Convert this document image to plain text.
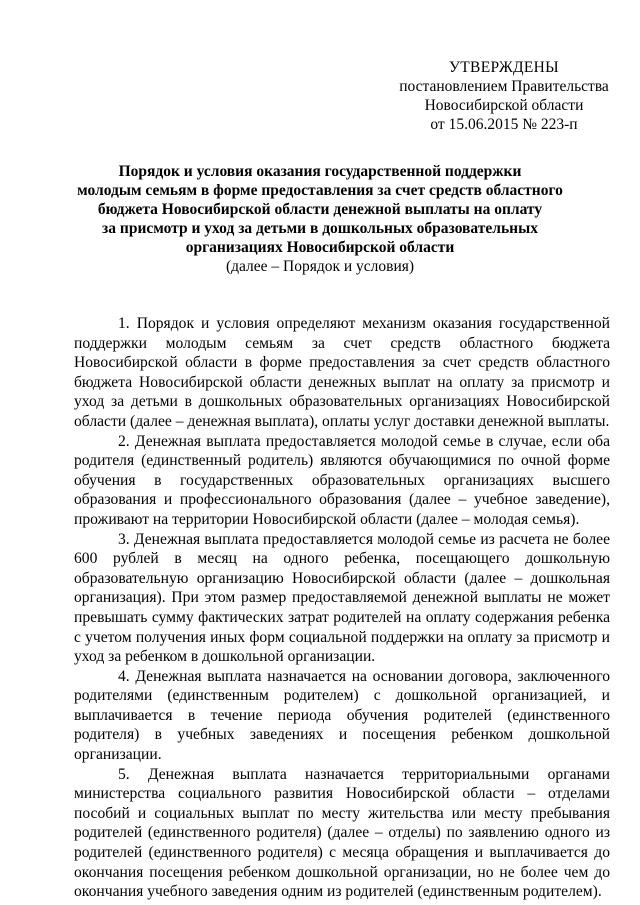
УТВЕРЖДЕНЫ
постановлением Правительства
Новосибирской области
от 15.06.2015 № 223-п
Порядок и условия оказания государственной поддержки
молодым семьям в форме предоставления за счет средств областного
бюджета Новосибирской области денежной выплаты на оплату
за присмотр и уход за детьми в дошкольных образовательных
организациях Новосибирской области
(далее – Порядок и условия)

1. Порядок и условия определяют механизм оказания государственной поддержки молодым семьям за счет средств областного бюджета Новосибирской области в форме предоставления за счет средств областного бюджета Новосибирской области денежных выплат на оплату за присмотр и уход за детьми в дошкольных образовательных организациях Новосибирской области (далее – денежная выплата), оплаты услуг доставки денежной выплаты.

2. Денежная выплата предоставляется молодой семье в случае, если оба родителя (единственный родитель) являются обучающимися по очной форме обучения в государственных образовательных организациях высшего образования и профессионального образования (далее – учебное заведение), проживают на территории Новосибирской области (далее – молодая семья).

3. Денежная выплата предоставляется молодой семье из расчета не более 600 рублей в месяц на одного ребенка, посещающего дошкольную образовательную организацию Новосибирской области (далее – дошкольная организация). При этом размер предоставляемой денежной выплаты не может превышать сумму фактических затрат родителей на оплату содержания ребенка с учетом получения иных форм социальной поддержки на оплату за присмотр и уход за ребенком в дошкольной организации.

4. Денежная выплата назначается на основании договора, заключенного родителями (единственным родителем) с дошкольной организацией, и выплачивается в течение периода обучения родителей (единственного родителя) в учебных заведениях и посещения ребенком дошкольной организации.

5. Денежная выплата назначается территориальными органами министерства социального развития Новосибирской области – отделами пособий и социальных выплат по месту жительства или месту пребывания родителей (единственного родителя) (далее – отделы) по заявлению одного из родителей (единственного родителя) с месяца обращения и выплачивается до окончания посещения ребенком дошкольной организации, но не более чем до окончания учебного заведения одним из родителей (единственным родителем).
